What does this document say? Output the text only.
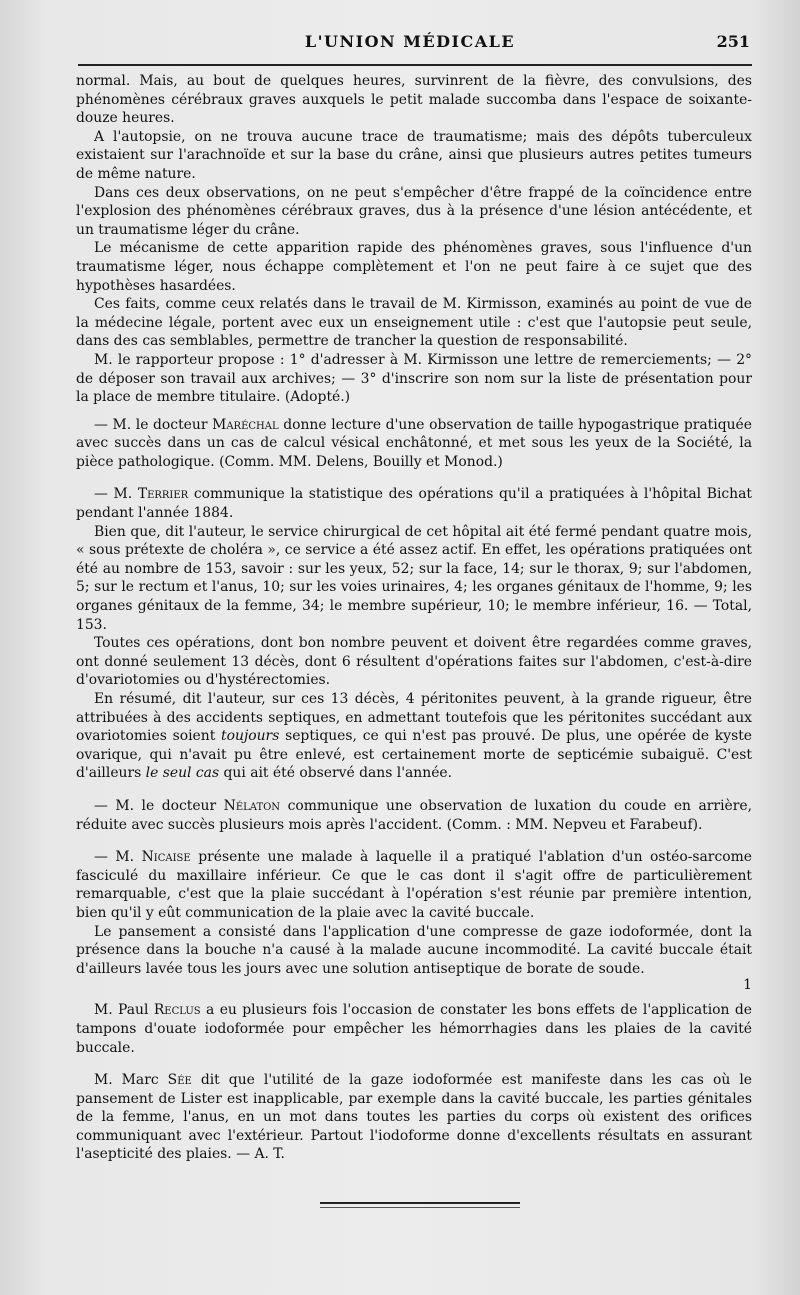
L'UNION MÉDICALE	251

normal. Mais, au bout de quelques heures, survinrent de la fièvre, des convulsions, des phénomènes cérébraux graves auxquels le petit malade succomba dans l'espace de soixante-douze heures.

A l'autopsie, on ne trouva aucune trace de traumatisme; mais des dépôts tuberculeux existaient sur l'arachnoïde et sur la base du crâne, ainsi que plusieurs autres petites tumeurs de même nature.

Dans ces deux observations, on ne peut s'empêcher d'être frappé de la coïncidence entre l'explosion des phénomènes cérébraux graves, dus à la présence d'une lésion antécédente, et un traumatisme léger du crâne.

Le mécanisme de cette apparition rapide des phénomènes graves, sous l'influence d'un traumatisme léger, nous échappe complètement et l'on ne peut faire à ce sujet que des hypothèses hasardées.

Ces faits, comme ceux relatés dans le travail de M. Kirmisson, examinés au point de vue de la médecine légale, portent avec eux un enseignement utile : c'est que l'autopsie peut seule, dans des cas semblables, permettre de trancher la question de responsabilité.

M. le rapporteur propose : 1° d'adresser à M. Kirmisson une lettre de remerciements; — 2° de déposer son travail aux archives; — 3° d'inscrire son nom sur la liste de présentation pour la place de membre titulaire. (Adopté.)

— M. le docteur Maréchal donne lecture d'une observation de taille hypogastrique pratiquée avec succès dans un cas de calcul vésical enchâtonné, et met sous les yeux de la Société, la pièce pathologique. (Comm. MM. Delens, Bouilly et Monod.)

— M. Terrier communique la statistique des opérations qu'il a pratiquées à l'hôpital Bichat pendant l'année 1884.

Bien que, dit l'auteur, le service chirurgical de cet hôpital ait été fermé pendant quatre mois, « sous prétexte de choléra », ce service a été assez actif. En effet, les opérations pratiquées ont été au nombre de 153, savoir : sur les yeux, 52; sur la face, 14; sur le thorax, 9; sur l'abdomen, 5; sur le rectum et l'anus, 10; sur les voies urinaires, 4; les organes génitaux de l'homme, 9; les organes génitaux de la femme, 34; le membre supérieur, 10; le membre inférieur, 16. — Total, 153.

Toutes ces opérations, dont bon nombre peuvent et doivent être regardées comme graves, ont donné seulement 13 décès, dont 6 résultent d'opérations faites sur l'abdomen, c'est-à-dire d'ovariotomies ou d'hystérectomies.

En résumé, dit l'auteur, sur ces 13 décès, 4 péritonites peuvent, à la grande rigueur, être attribuées à des accidents septiques, en admettant toutefois que les péritonites succédant aux ovariotomies soient toujours septiques, ce qui n'est pas prouvé. De plus, une opérée de kyste ovarique, qui n'avait pu être enlevé, est certainement morte de septicémie subaiguë. C'est d'ailleurs le seul cas qui ait été observé dans l'année.

— M. le docteur Nélaton communique une observation de luxation du coude en arrière, réduite avec succès plusieurs mois après l'accident. (Comm. : MM. Nepveu et Farabeuf).

— M. Nicaise présente une malade à laquelle il a pratiqué l'ablation d'un ostéo-sarcome fasciculé du maxillaire inférieur. Ce que le cas dont il s'agit offre de particulièrement remarquable, c'est que la plaie succédant à l'opération s'est réunie par première intention, bien qu'il y eût communication de la plaie avec la cavité buccale.

Le pansement a consisté dans l'application d'une compresse de gaze iodoformée, dont la présence dans la bouche n'a causé à la malade aucune incommodité. La cavité buccale était d'ailleurs lavée tous les jours avec une solution antiseptique de borate de soude.

1

M. Paul Reclus a eu plusieurs fois l'occasion de constater les bons effets de l'application de tampons d'ouate iodoformée pour empêcher les hémorrhagies dans les plaies de la cavité buccale.

M. Marc Sée dit que l'utilité de la gaze iodoformée est manifeste dans les cas où le pansement de Lister est inapplicable, par exemple dans la cavité buccale, les parties génitales de la femme, l'anus, en un mot dans toutes les parties du corps où existent des orifices communiquant avec l'extérieur. Partout l'iodoforme donne d'excellents résultats en assurant l'asepticité des plaies. — A. T.
